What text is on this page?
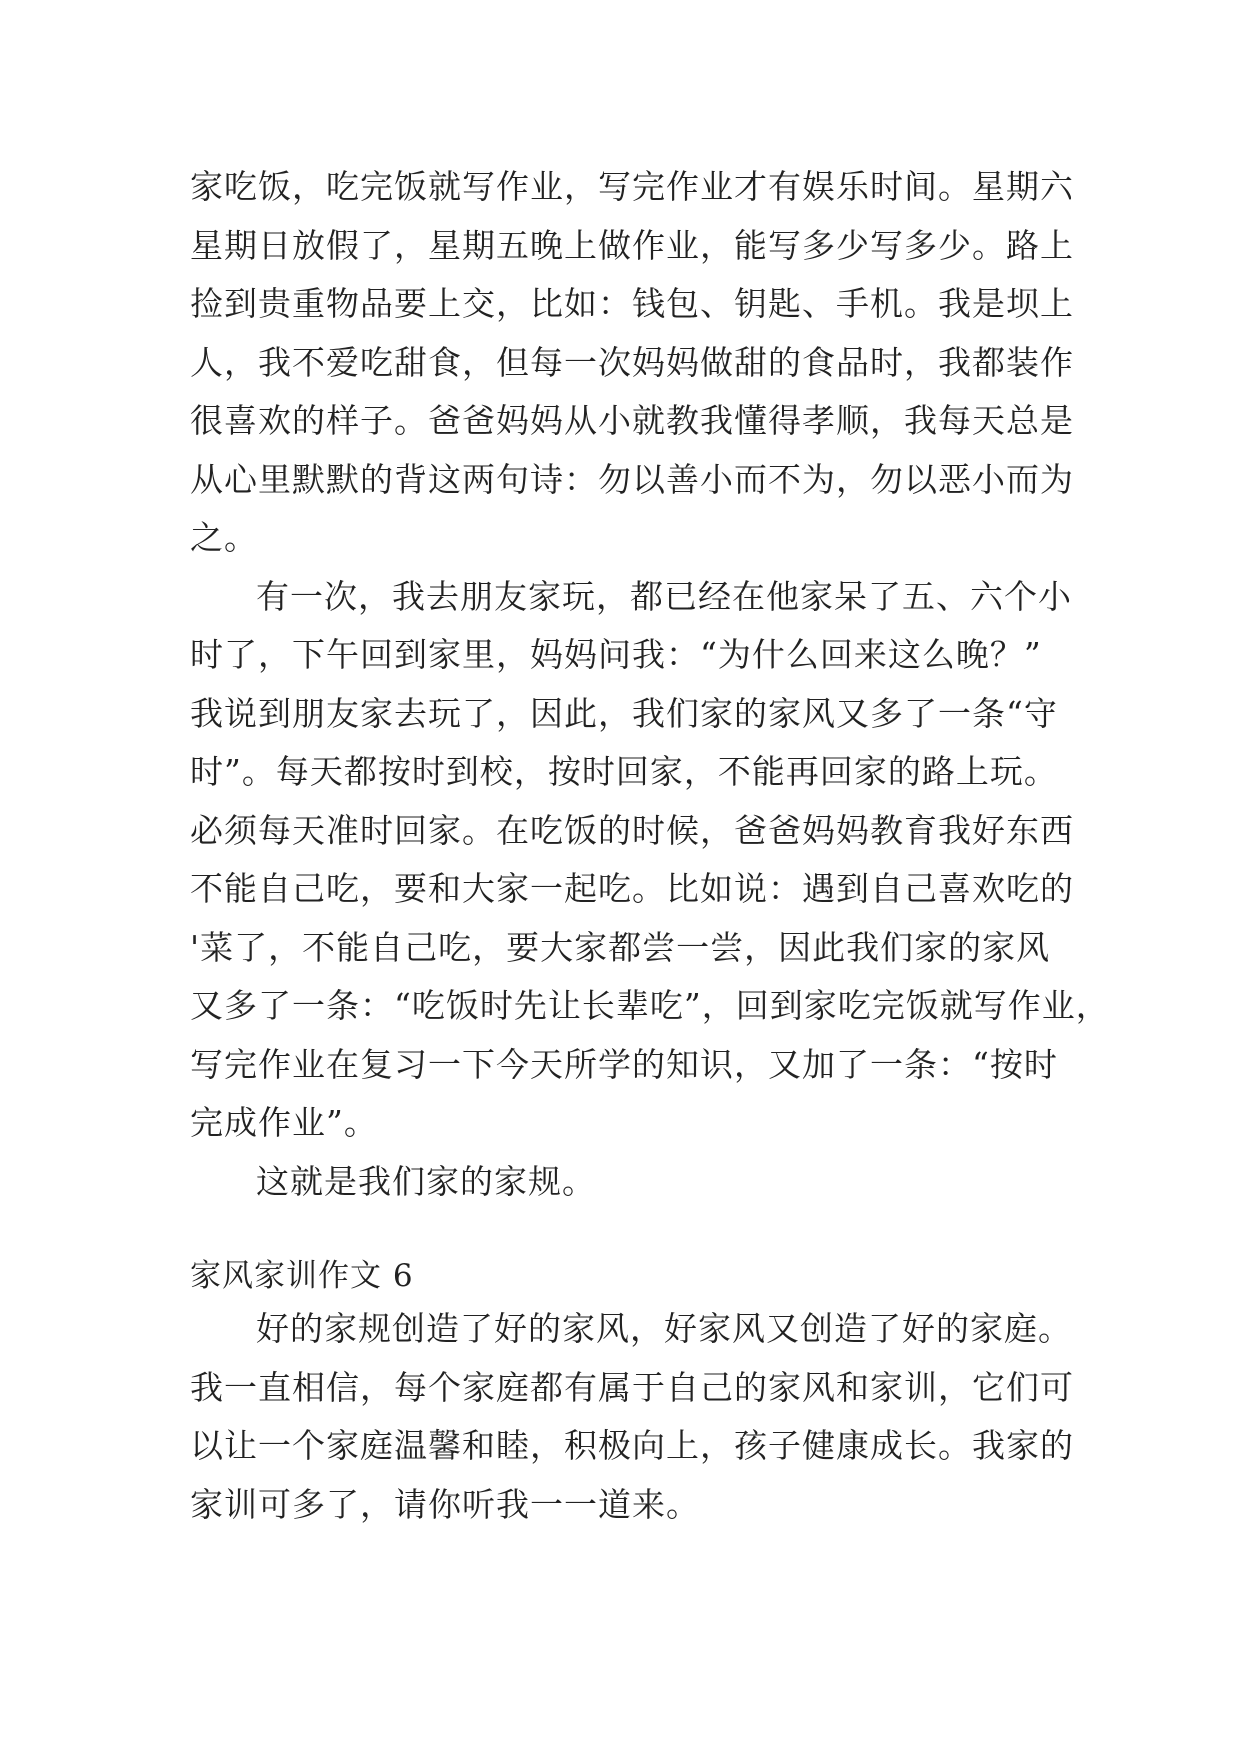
家吃饭，吃完饭就写作业，写完作业才有娱乐时间。星期六
星期日放假了，星期五晚上做作业，能写多少写多少。路上
捡到贵重物品要上交，比如：钱包、钥匙、手机。我是坝上
人，我不爱吃甜食，但每一次妈妈做甜的食品时，我都装作
很喜欢的样子。爸爸妈妈从小就教我懂得孝顺，我每天总是
从心里默默的背这两句诗：勿以善小而不为，勿以恶小而为
之。
有一次，我去朋友家玩，都已经在他家呆了五、六个小
时了，下午回到家里，妈妈问我：“为什么回来这么晚？”
我说到朋友家去玩了，因此，我们家的家风又多了一条“守
时”。每天都按时到校，按时回家，不能再回家的路上玩。
必须每天准时回家。在吃饭的时候，爸爸妈妈教育我好东西
不能自己吃，要和大家一起吃。比如说：遇到自己喜欢吃的
'菜了，不能自己吃，要大家都尝一尝，因此我们家的家风
又多了一条：“吃饭时先让长辈吃”，回到家吃完饭就写作业，
写完作业在复习一下今天所学的知识，又加了一条：“按时
完成作业”。
这就是我们家的家规。
家风家训作文 6
好的家规创造了好的家风，好家风又创造了好的家庭。
我一直相信，每个家庭都有属于自己的家风和家训，它们可
以让一个家庭温馨和睦，积极向上，孩子健康成长。我家的
家训可多了，请你听我一一道来。
